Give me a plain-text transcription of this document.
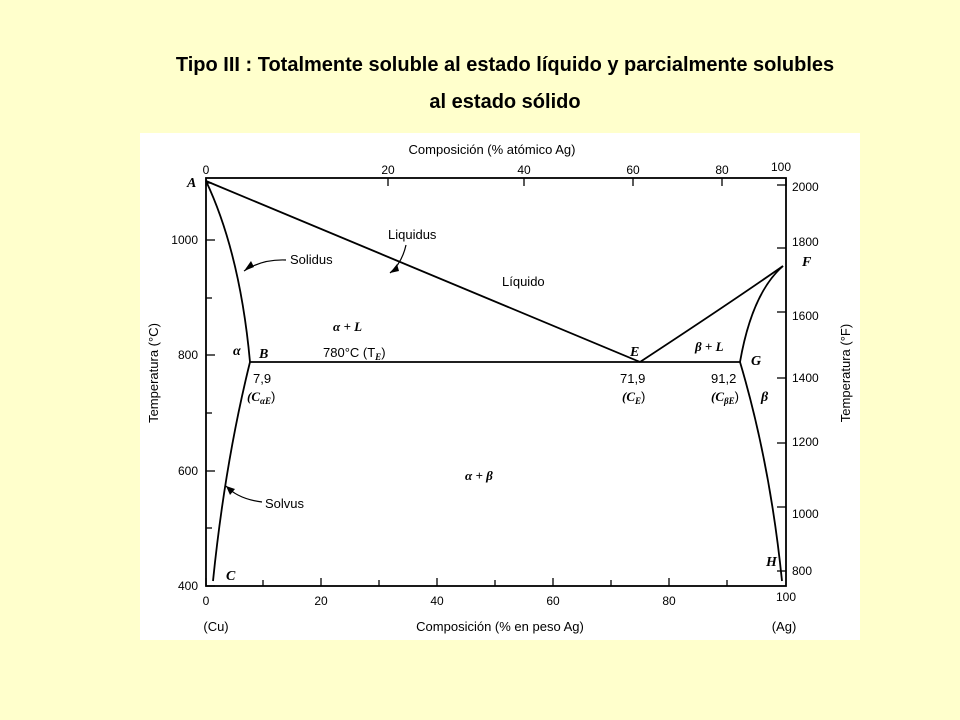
Tipo III : Totalmente soluble al estado líquido y parcialmente solubles
al estado sólido
Composición (% atómico Ag)
0	20	40	60	80	100
0	20	40	60	80	100
Composición (% en peso Ag)
(Cu)	(Ag)
400
600
800
1000
Temperatura (°C)
800
1000
1200
1400
1600
1800
2000
Temperatura (°F)
A
B
C
E
F
G
H
Liquidus
Solidus
Solvus
Líquido
α + L
β + L
α
β
α + β
780°C $(T_E)$
7,9
$(C_{\alpha E})$
71,9
$(C_E)$
91,2
$(C_{\beta E})$
